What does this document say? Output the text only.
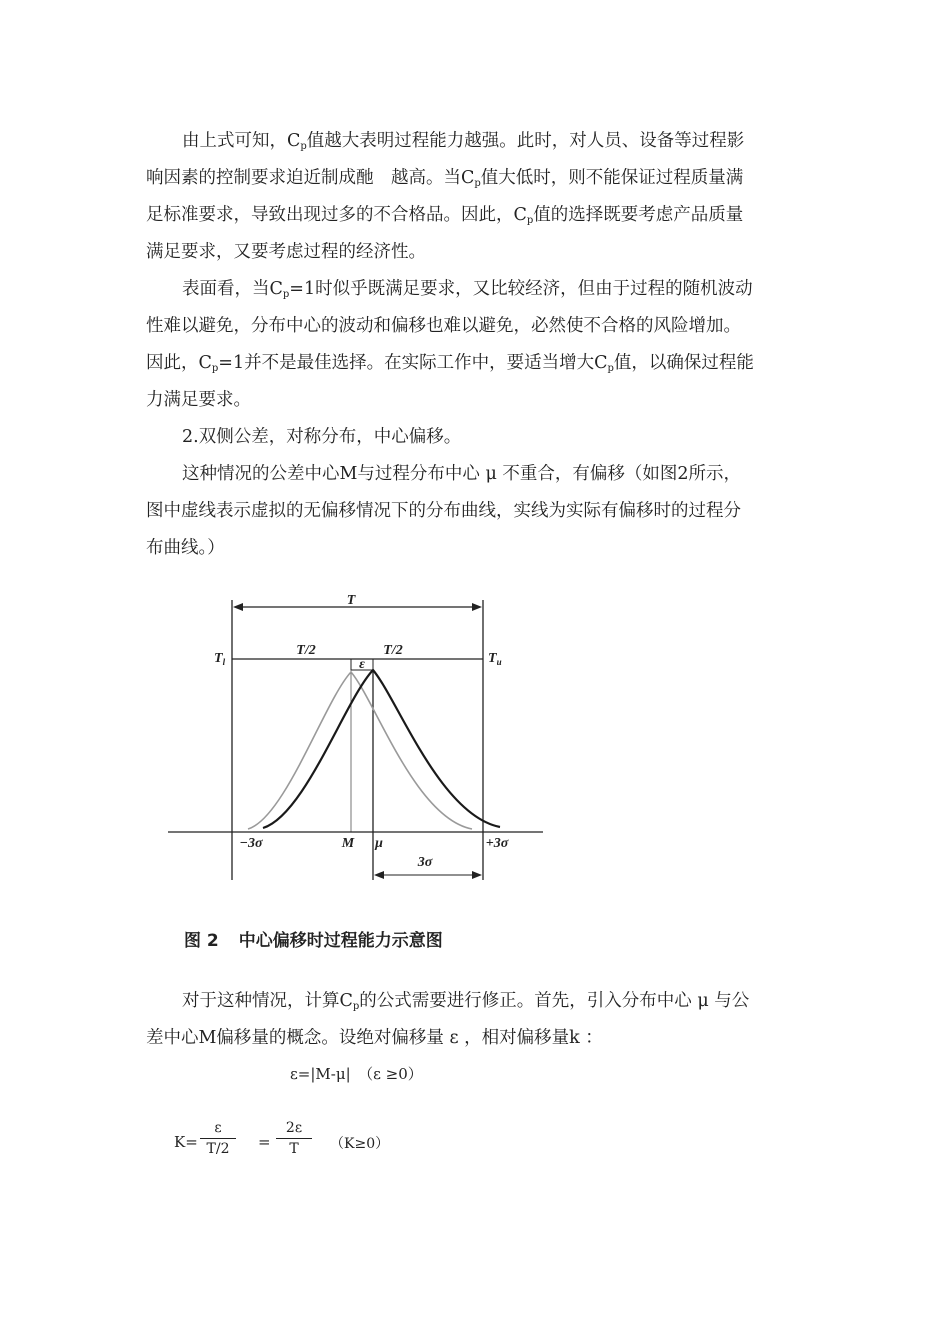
由上式可知，$C_p$值越大表明过程能力越强。此时，对人员、设备等过程影
响因素的控制要求迫近制成酏　越高。当$C_p$值大低时，则不能保证过程质量满
足标准要求，导致出现过多的不合格品。因此，$C_p$值的选择既要考虑产品质量
满足要求，又要考虑过程的经济性。
表面看，当$C_p=1$时似乎既满足要求，又比较经济，但由于过程的随机波动
性难以避免，分布中心的波动和偏移也难以避免，必然使不合格的风险增加。
因此，$C_p=1$并不是最佳选择。在实际工作中，要适当增大$C_p$值，以确保过程能
力满足要求。
2.双侧公差，对称分布，中心偏移。
这种情况的公差中心M与过程分布中心 μ 不重合，有偏移（如图2所示，
图中虚线表示虚拟的无偏移情况下的分布曲线，实线为实际有偏移时的过程分
布曲线。）
T
T/2	T/2
$T_l$	$T_u$
ε
−3σ	M μ	+3σ
3σ
图 2 中心偏移时过程能力示意图
对于这种情况，计算$C_p$的公式需要进行修正。首先，引入分布中心 μ 与公
差中心M偏移量的概念。设绝对偏移量 ε ，相对偏移量k ：
ε=|M-μ|　（ε ≥0）
K=
ε
T/2	=
2ε
T	（K≥0）
